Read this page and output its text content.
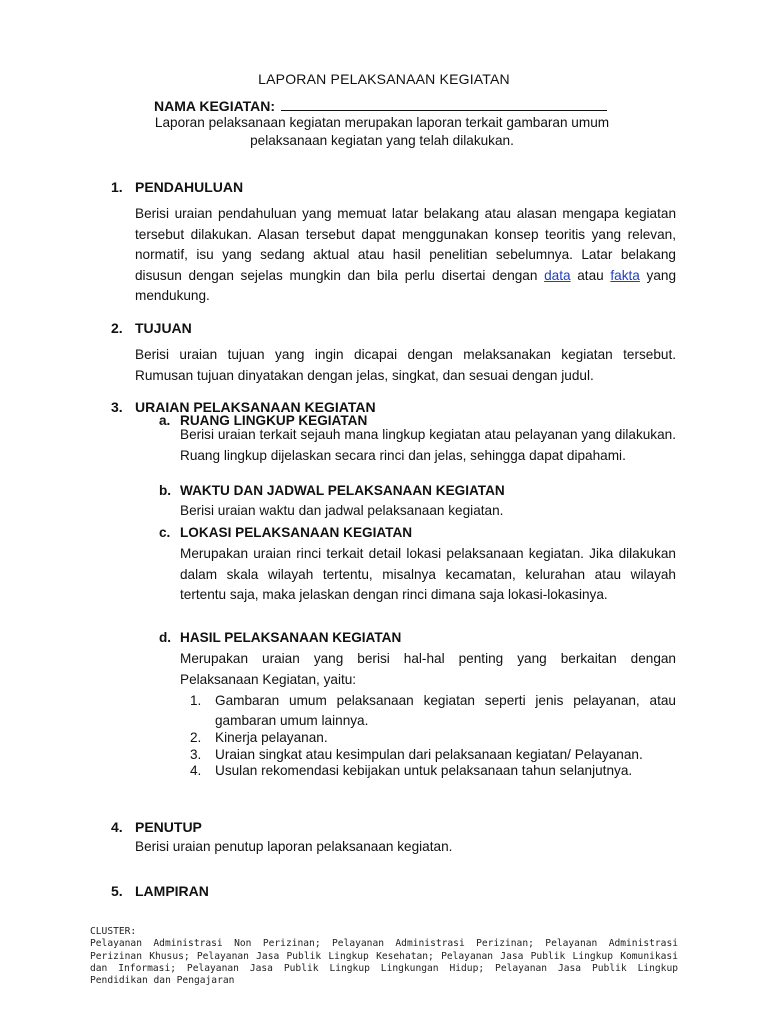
LAPORAN PELAKSANAAN KEGIATAN
NAMA KEGIATAN:
Laporan pelaksanaan kegiatan merupakan laporan terkait gambaran umum
pelaksanaan kegiatan yang telah dilakukan.
1. PENDAHULUAN
Berisi uraian pendahuluan yang memuat latar belakang atau alasan mengapa kegiatan tersebut dilakukan. Alasan tersebut dapat menggunakan konsep teoritis yang relevan, normatif, isu yang sedang aktual atau hasil penelitian sebelumnya. Latar belakang disusun dengan sejelas mungkin dan bila perlu disertai dengan data atau fakta yang mendukung.
2. TUJUAN
Berisi uraian tujuan yang ingin dicapai dengan melaksanakan kegiatan tersebut. Rumusan tujuan dinyatakan dengan jelas, singkat, dan sesuai dengan judul.
3. URAIAN PELAKSANAAN KEGIATAN
a. RUANG LINGKUP KEGIATAN
Berisi uraian terkait sejauh mana lingkup kegiatan atau pelayanan yang dilakukan. Ruang lingkup dijelaskan secara rinci dan jelas, sehingga dapat dipahami.
b. WAKTU DAN JADWAL PELAKSANAAN KEGIATAN
Berisi uraian waktu dan jadwal pelaksanaan kegiatan.
c. LOKASI PELAKSANAAN KEGIATAN
Merupakan uraian rinci terkait detail lokasi pelaksanaan kegiatan. Jika dilakukan dalam skala wilayah tertentu, misalnya kecamatan, kelurahan atau wilayah tertentu saja, maka jelaskan dengan rinci dimana saja lokasi-lokasinya.
d. HASIL PELAKSANAAN KEGIATAN
Merupakan uraian yang berisi hal-hal penting yang berkaitan dengan Pelaksanaan Kegiatan, yaitu:
1. Gambaran umum pelaksanaan kegiatan seperti jenis pelayanan, atau gambaran umum lainnya.
2. Kinerja pelayanan.
3. Uraian singkat atau kesimpulan dari pelaksanaan kegiatan/ Pelayanan.
4. Usulan rekomendasi kebijakan untuk pelaksanaan tahun selanjutnya.
4. PENUTUP
Berisi uraian penutup laporan pelaksanaan kegiatan.
5. LAMPIRAN
CLUSTER:
Pelayanan Administrasi Non Perizinan; Pelayanan Administrasi Perizinan; Pelayanan Administrasi Perizinan Khusus; Pelayanan Jasa Publik Lingkup Kesehatan; Pelayanan Jasa Publik Lingkup Komunikasi dan Informasi; Pelayanan Jasa Publik Lingkup Lingkungan Hidup; Pelayanan Jasa Publik Lingkup Pendidikan dan Pengajaran
